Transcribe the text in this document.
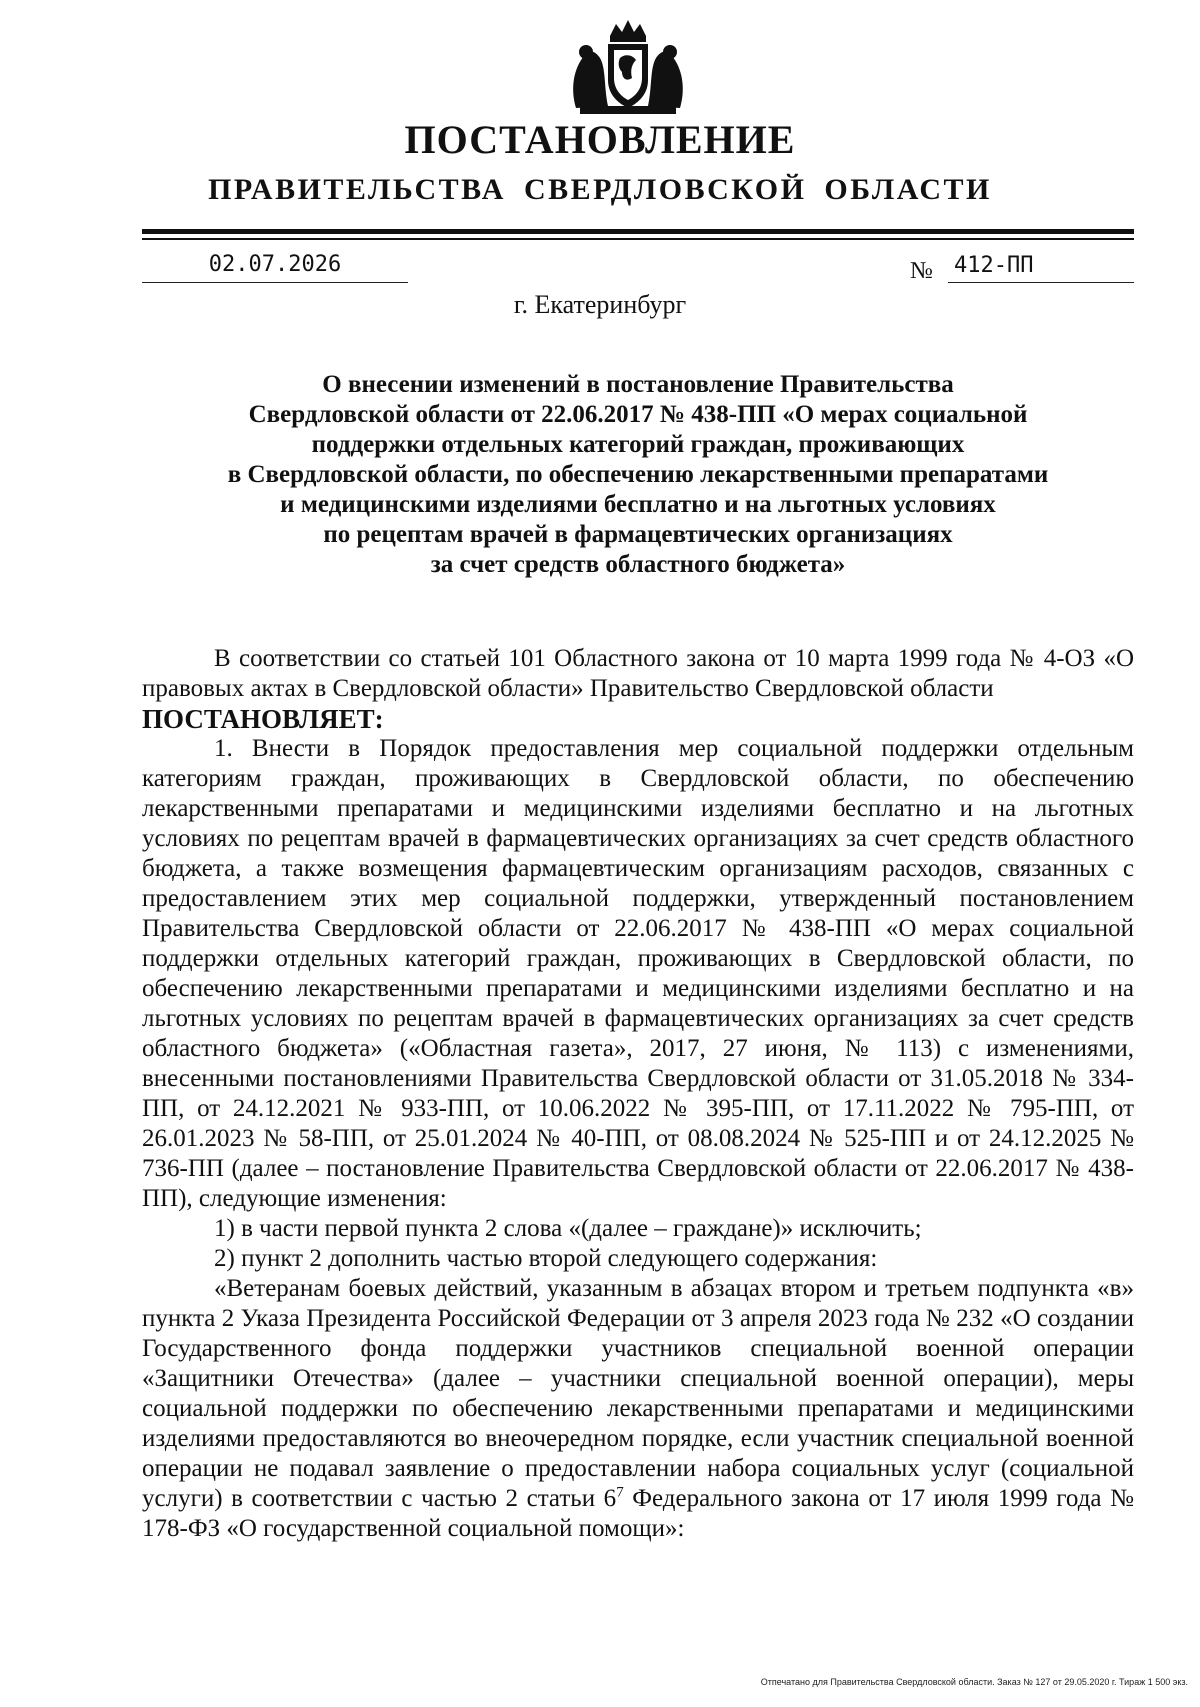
ПОСТАНОВЛЕНИЕ
ПРАВИТЕЛЬСТВА СВЕРДЛОВСКОЙ ОБЛАСТИ
02.07.2026	№ 412-ПП
г. Екатеринбург
О внесении изменений в постановление Правительства
Свердловской области от 22.06.2017 № 438-ПП «О мерах социальной
поддержки отдельных категорий граждан, проживающих
в Свердловской области, по обеспечению лекарственными препаратами
и медицинскими изделиями бесплатно и на льготных условиях
по рецептам врачей в фармацевтических организациях
за счет средств областного бюджета»
В соответствии со статьей 101 Областного закона от 10 марта 1999 года № 4-ОЗ «О правовых актах в Свердловской области» Правительство Свердловской области
ПОСТАНОВЛЯЕТ:
1. Внести в Порядок предоставления мер социальной поддержки отдельным категориям граждан, проживающих в Свердловской области, по обеспечению лекарственными препаратами и медицинскими изделиями бесплатно и на льготных условиях по рецептам врачей в фармацевтических организациях за счет средств областного бюджета, а также возмещения фармацевтическим организациям расходов, связанных с предоставлением этих мер социальной поддержки, утвержденный постановлением Правительства Свердловской области от 22.06.2017 № 438-ПП «О мерах социальной поддержки отдельных категорий граждан, проживающих в Свердловской области, по обеспечению лекарственными препаратами и медицинскими изделиями бесплатно и на льготных условиях по рецептам врачей в фармацевтических организациях за счет средств областного бюджета» («Областная газета», 2017, 27 июня, № 113) с изменениями, внесенными постановлениями Правительства Свердловской области от 31.05.2018 № 334-ПП, от 24.12.2021 № 933-ПП, от 10.06.2022 № 395-ПП, от 17.11.2022 № 795-ПП, от 26.01.2023 № 58-ПП, от 25.01.2024 № 40-ПП, от 08.08.2024 № 525-ПП и от 24.12.2025 № 736-ПП (далее – постановление Правительства Свердловской области от 22.06.2017 № 438-ПП), следующие изменения:
1) в части первой пункта 2 слова «(далее – граждане)» исключить;
2) пункт 2 дополнить частью второй следующего содержания:
«Ветеранам боевых действий, указанным в абзацах втором и третьем подпункта «в» пункта 2 Указа Президента Российской Федерации от 3 апреля 2023 года № 232 «О создании Государственного фонда поддержки участников специальной военной операции «Защитники Отечества» (далее – участники специальной военной операции), меры социальной поддержки по обеспечению лекарственными препаратами и медицинскими изделиями предоставляются во внеочередном порядке, если участник специальной военной операции не подавал заявление о предоставлении набора социальных услуг (социальной услуги) в соответствии с частью 2 статьи $6^7$ Федерального закона от 17 июля 1999 года № 178-ФЗ «О государственной социальной помощи»:
Отпечатано для Правительства Свердловской области. Заказ № 127 от 29.05.2020 г. Тираж 1 500 экз.
